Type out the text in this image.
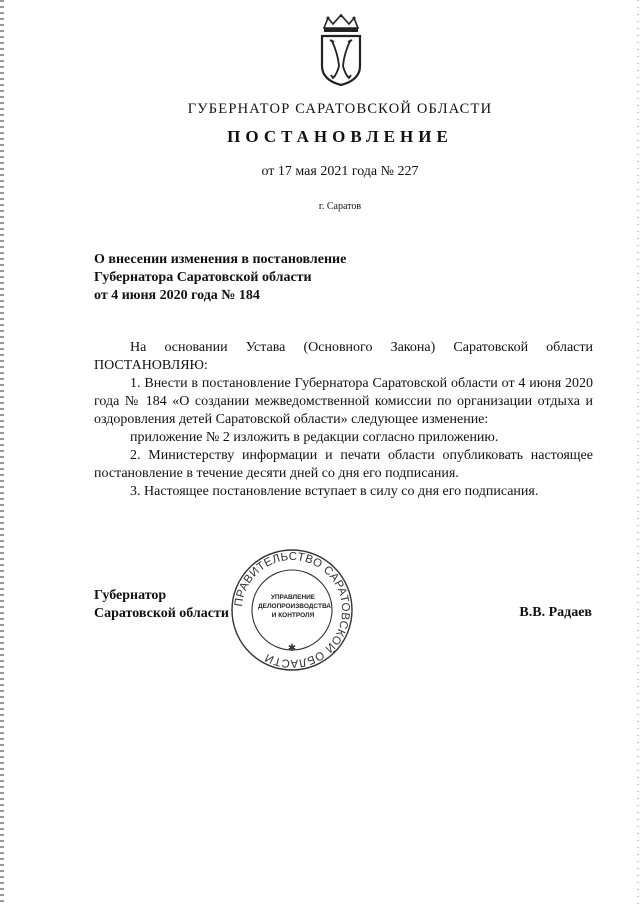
ГУБЕРНАТОР САРАТОВСКОЙ ОБЛАСТИ
ПОСТАНОВЛЕНИЕ
от 17 мая 2021 года № 227
г. Саратов
О внесении изменения в постановление
Губернатора Саратовской области
от 4 июня 2020 года № 184

На основании Устава (Основного Закона) Саратовской области

ПОСТАНОВЛЯЮ:

1. Внести в постановление Губернатора Саратовской области от 4 июня 2020 года № 184 «О создании межведомственной комиссии по организации отдыха и оздоровления детей Саратовской области» следующее изменение:

приложение № 2 изложить в редакции согласно приложению.

2. Министерству информации и печати области опубликовать настоящее постановление в течение десяти дней со дня его подписания.

3. Настоящее постановление вступает в силу со дня его подписания.

Губернатор
Саратовской области
ПРАВИТЕЛЬСТВО САРАТОВСКОЙ ОБЛАСТИ
✱
УПРАВЛЕНИЕ
ДЕЛОПРОИЗВОДСТВА
И КОНТРОЛЯ	В.В. Радаев
